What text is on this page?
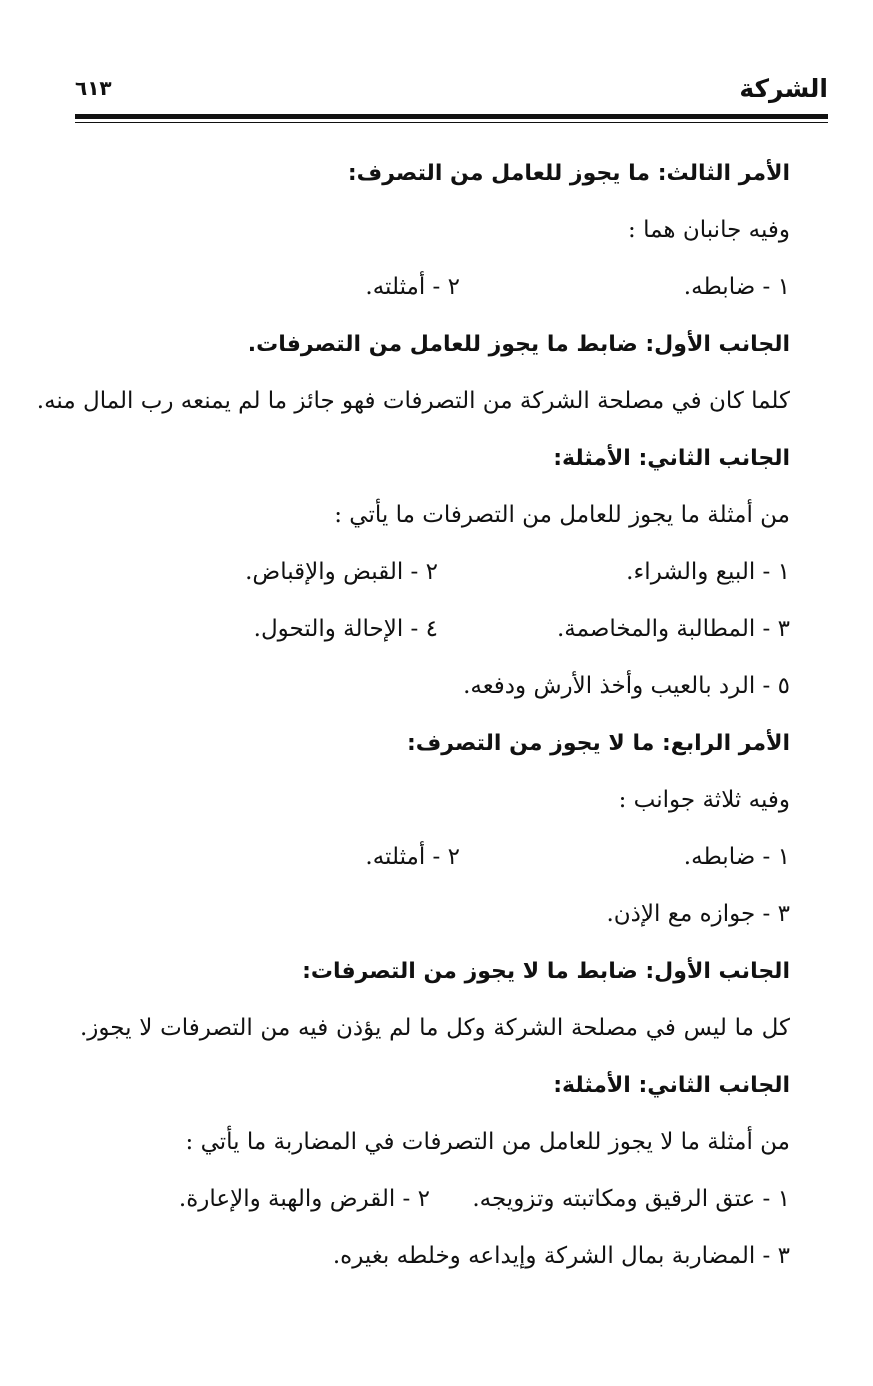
الشركة
٦١٣
الأمر الثالث: ما يجوز للعامل من التصرف:
وفيه جانبان هما :
١ - ضابطه.
٢ - أمثلته.
الجانب الأول: ضابط ما يجوز للعامل من التصرفات.
كلما كان في مصلحة الشركة من التصرفات فهو جائز ما لم يمنعه رب المال منه.
الجانب الثاني: الأمثلة:
من أمثلة ما يجوز للعامل من التصرفات ما يأتي :
١ - البيع والشراء.
٢ - القبض والإقباض.
٣ - المطالبة والمخاصمة.
٤ - الإحالة والتحول.
٥ - الرد بالعيب وأخذ الأرش ودفعه.
الأمر الرابع: ما لا يجوز من التصرف:
وفيه ثلاثة جوانب :
١ - ضابطه.
٢ - أمثلته.
٣ - جوازه مع الإذن.
الجانب الأول: ضابط ما لا يجوز من التصرفات:
كل ما ليس في مصلحة الشركة وكل ما لم يؤذن فيه من التصرفات لا يجوز.
الجانب الثاني: الأمثلة:
من أمثلة ما لا يجوز للعامل من التصرفات في المضاربة ما يأتي :
١ - عتق الرقيق ومكاتبته وتزويجه.
٢ - القرض والهبة والإعارة.
٣ - المضاربة بمال الشركة وإيداعه وخلطه بغيره.
